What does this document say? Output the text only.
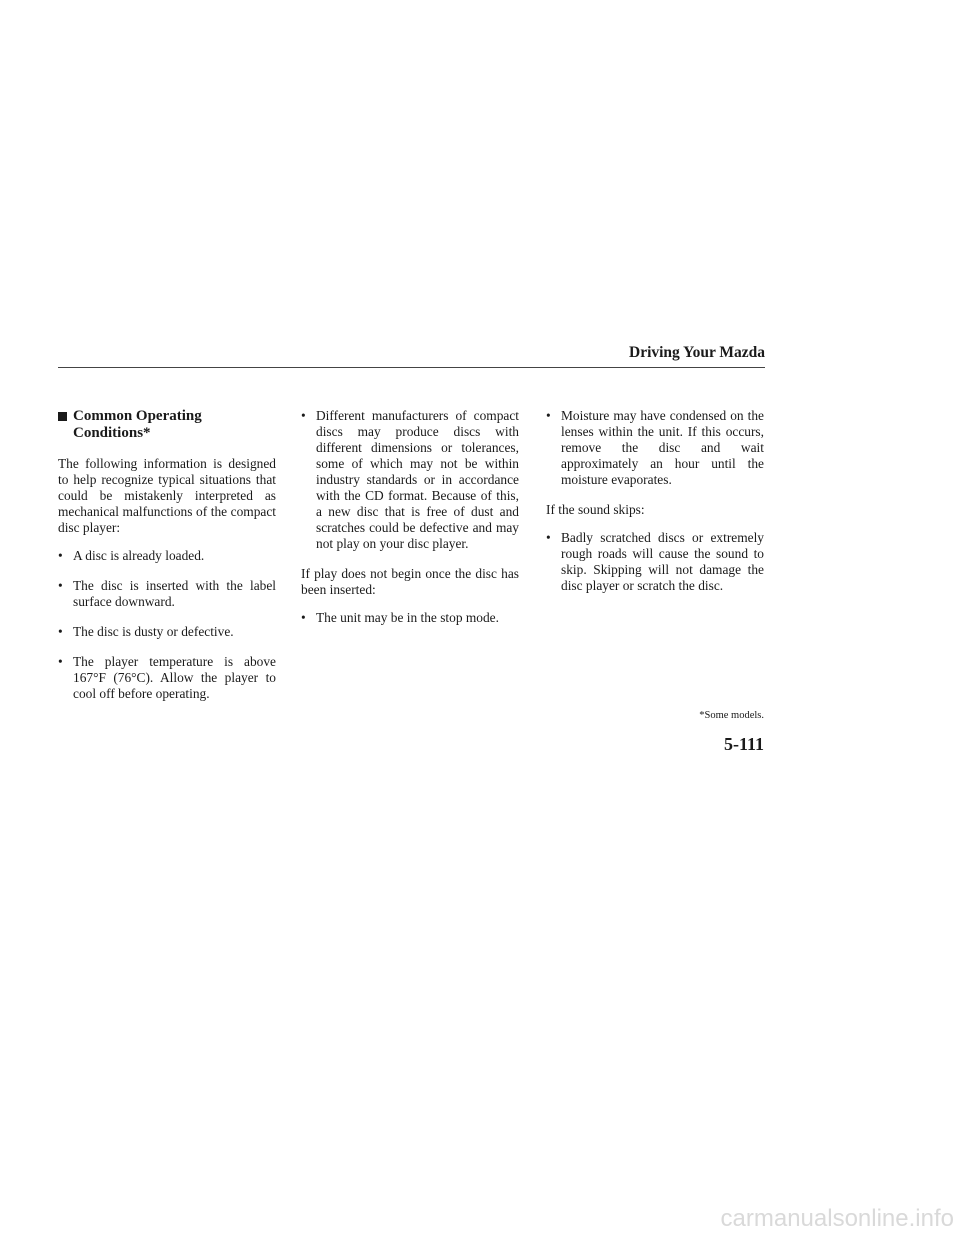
Driving Your Mazda
Common Operating Conditions*

The following information is designed to help recognize typical situations that could be mistakenly interpreted as mechanical malfunctions of the compact disc player:

• A disc is already loaded.
• The disc is inserted with the label surface downward.
• The disc is dusty or defective.
• The player temperature is above 167°F (76°C). Allow the player to cool off before operating.
• Different manufacturers of compact discs may produce discs with different dimensions or tolerances, some of which may not be within industry standards or in accordance with the CD format. Because of this, a new disc that is free of dust and scratches could be defective and may not play on your disc player.

If play does not begin once the disc has been inserted:

• The unit may be in the stop mode.
• Moisture may have condensed on the lenses within the unit. If this occurs, remove the disc and wait approximately an hour until the moisture evaporates.

If the sound skips:

• Badly scratched discs or extremely rough roads will cause the sound to skip. Skipping will not damage the disc player or scratch the disc.

*Some models.

5-111

carmanualsonline.info
